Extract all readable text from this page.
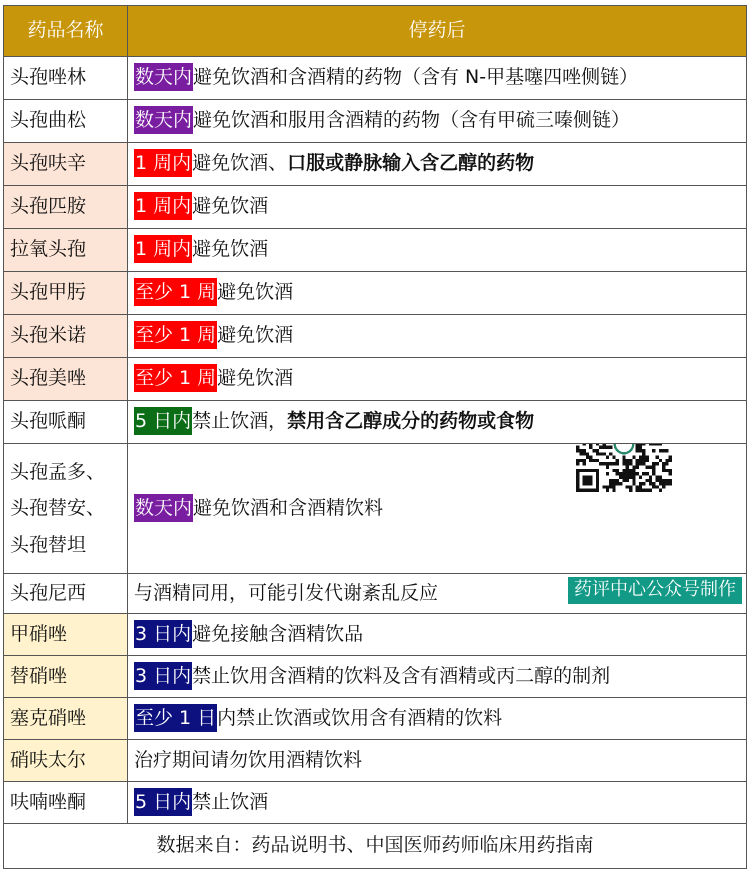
药品名称	停药后
头孢唑林	数天内避免饮酒和含酒精的药物（含有 N-甲基噻四唑侧链）
头孢曲松	数天内避免饮酒和服用含酒精的药物（含有甲硫三嗪侧链）
头孢呋辛	1 周内避免饮酒、口服或静脉输入含乙醇的药物
头孢匹胺	1 周内避免饮酒
拉氧头孢	1 周内避免饮酒
头孢甲肟	至少 1 周避免饮酒
头孢米诺	至少 1 周避免饮酒
头孢美唑	至少 1 周避免饮酒
头孢哌酮	5 日内禁止饮酒，禁用含乙醇成分的药物或食物

头孢孟多、
头孢替安、
头孢替坦	数天内避免饮酒和含酒精饮料

头孢尼西	与酒精同用，可能引发代谢紊乱反应 药评中心公众号制作

甲硝唑	3 日内避免接触含酒精饮品
替硝唑	3 日内禁止饮用含酒精的饮料及含有酒精或丙二醇的制剂
塞克硝唑	至少 1 日内禁止饮酒或饮用含有酒精的饮料
硝呋太尔	治疗期间请勿饮用酒精饮料
呋喃唑酮	5 日内禁止饮酒
数据来自：药品说明书、中国医师药师临床用药指南	
